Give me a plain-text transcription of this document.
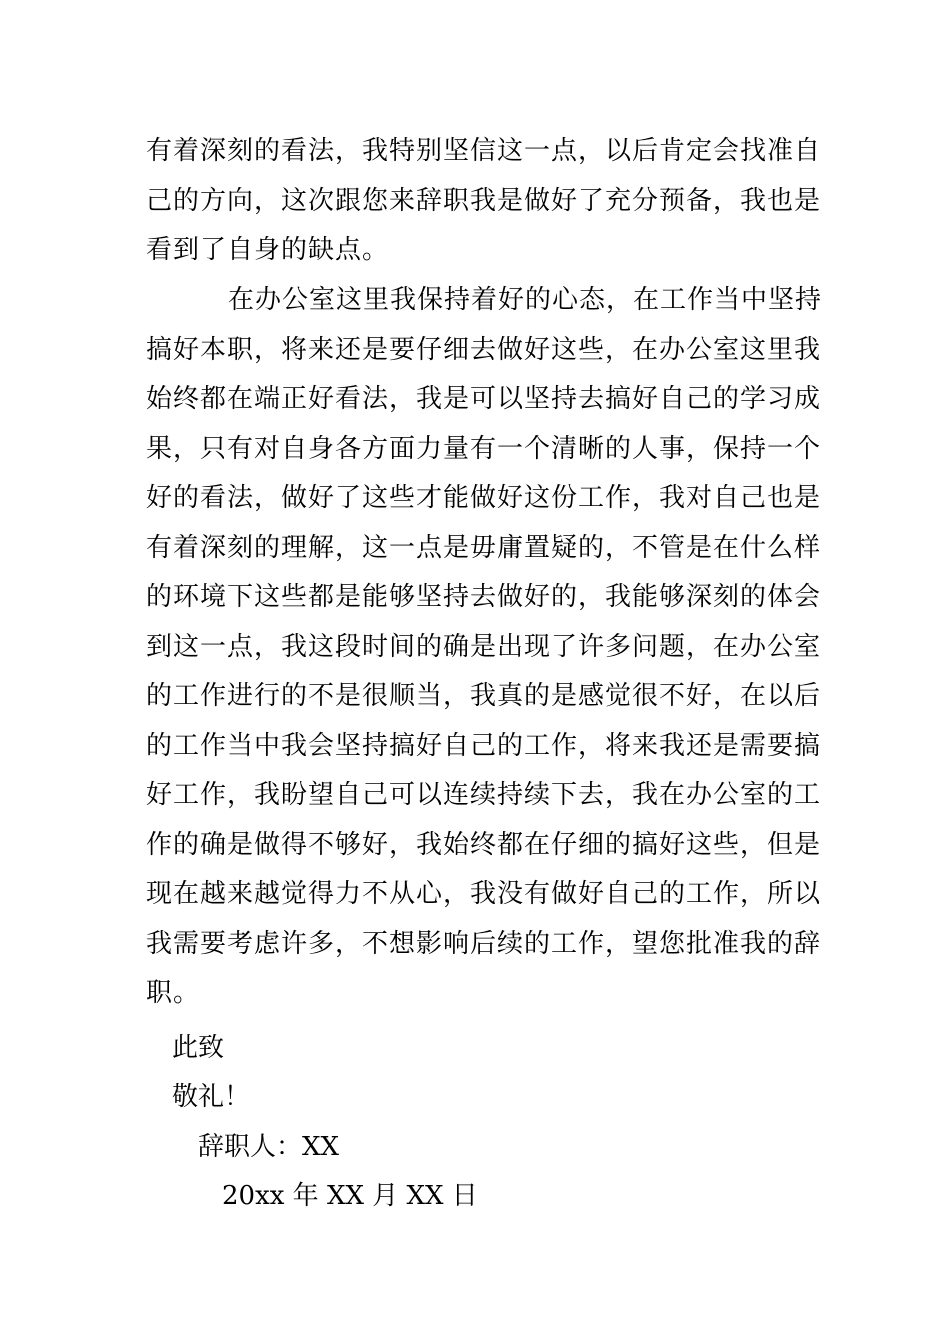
有着深刻的看法，我特别坚信这一点，以后肯定会找准自
己的方向，这次跟您来辞职我是做好了充分预备，我也是
看到了自身的缺点。
在办公室这里我保持着好的心态，在工作当中坚持
搞好本职，将来还是要仔细去做好这些，在办公室这里我
始终都在端正好看法，我是可以坚持去搞好自己的学习成
果，只有对自身各方面力量有一个清晰的人事，保持一个
好的看法，做好了这些才能做好这份工作，我对自己也是
有着深刻的理解，这一点是毋庸置疑的，不管是在什么样
的环境下这些都是能够坚持去做好的，我能够深刻的体会
到这一点，我这段时间的确是出现了许多问题，在办公室
的工作进行的不是很顺当，我真的是感觉很不好，在以后
的工作当中我会坚持搞好自己的工作，将来我还是需要搞
好工作，我盼望自己可以连续持续下去，我在办公室的工
作的确是做得不够好，我始终都在仔细的搞好这些，但是
现在越来越觉得力不从心，我没有做好自己的工作，所以
我需要考虑许多，不想影响后续的工作，望您批准我的辞
职。
此致
敬礼！
辞职人：XX
20xx 年 XX 月 XX 日
